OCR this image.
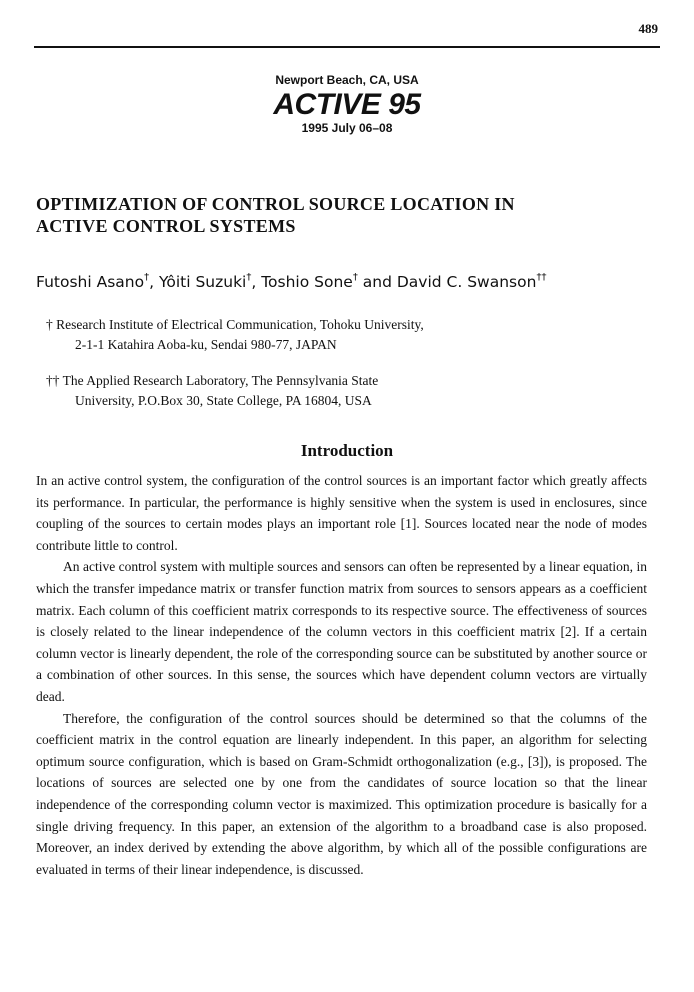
489
Newport Beach, CA, USA
ACTIVE 95
1995 July 06–08
OPTIMIZATION OF CONTROL SOURCE LOCATION IN
ACTIVE CONTROL SYSTEMS
Futoshi Asano†, Yôiti Suzuki†, Toshio Sone† and David C. Swanson††
† Research Institute of Electrical Communication, Tohoku University,
2-1-1 Katahira Aoba-ku, Sendai 980-77, JAPAN
†† The Applied Research Laboratory, The Pennsylvania State
University, P.O.Box 30, State College, PA 16804, USA
Introduction

In an active control system, the configuration of the control sources is an important factor which greatly affects its performance. In particular, the performance is highly sensitive when the system is used in enclosures, since coupling of the sources to certain modes plays an important role [1]. Sources located near the node of modes contribute little to control.

An active control system with multiple sources and sensors can often be represented by a linear equation, in which the transfer impedance matrix or transfer function matrix from sources to sensors appears as a coefficient matrix. Each column of this coefficient matrix corresponds to its respective source. The effectiveness of sources is closely related to the linear independence of the column vectors in this coefficient matrix [2]. If a certain column vector is linearly dependent, the role of the corresponding source can be substituted by another source or a combination of other sources. In this sense, the sources which have dependent column vectors are virtually dead.

Therefore, the configuration of the control sources should be determined so that the columns of the coefficient matrix in the control equation are linearly independent. In this paper, an algorithm for selecting optimum source configuration, which is based on Gram-Schmidt orthogonalization (e.g., [3]), is proposed. The locations of sources are selected one by one from the candidates of source location so that the linear independence of the corresponding column vector is maximized. This optimization procedure is basically for a single driving frequency. In this paper, an extension of the algorithm to a broadband case is also proposed. Moreover, an index derived by extending the above algorithm, by which all of the possible configurations are evaluated in terms of their linear independence, is discussed.
